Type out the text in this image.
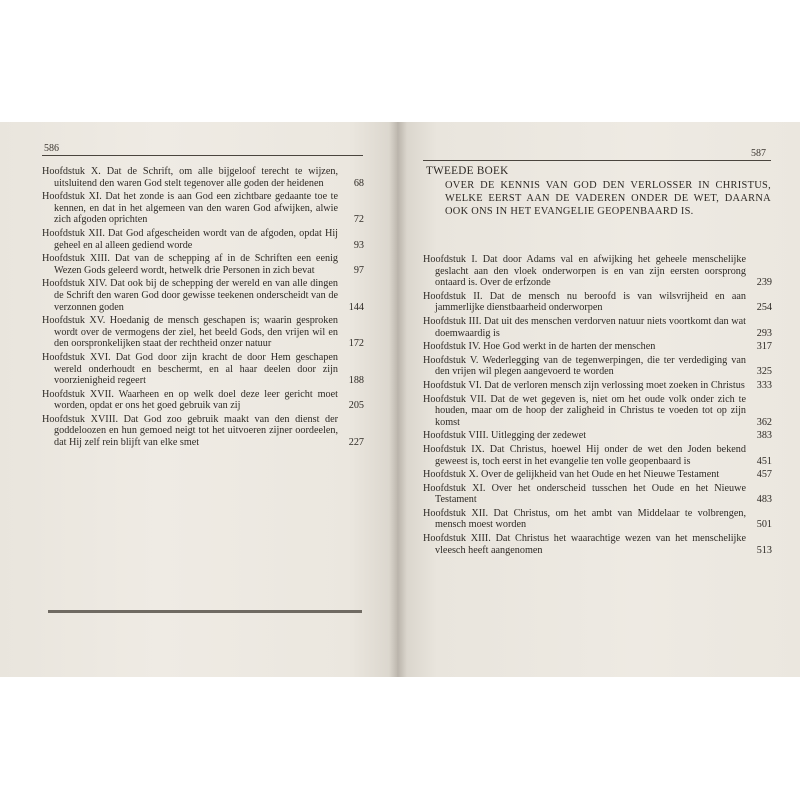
586
Hoofdstuk X. Dat de Schrift, om alle bijgeloof terecht te wijzen, uitsluitend den waren God stelt tegenover alle goden der heidenen	68
Hoofdstuk XI. Dat het zonde is aan God een zichtbare gedaante toe te kennen, en dat in het algemeen van den waren God afwijken, alwie zich afgoden oprichten	72
Hoofdstuk XII. Dat God afgescheiden wordt van de afgoden, opdat Hij geheel en al alleen gediend worde	93
Hoofdstuk XIII. Dat van de schepping af in de Schriften een eenig Wezen Gods geleerd wordt, hetwelk drie Personen in zich bevat	97
Hoofdstuk XIV. Dat ook bij de schepping der wereld en van alle dingen de Schrift den waren God door gewisse teekenen onderscheidt van de verzonnen goden	144
Hoofdstuk XV. Hoedanig de mensch geschapen is; waarin gesproken wordt over de vermogens der ziel, het beeld Gods, den vrijen wil en den oorspronkelijken staat der rechtheid onzer natuur	172
Hoofdstuk XVI. Dat God door zijn kracht de door Hem geschapen wereld onderhoudt en beschermt, en al haar deelen door zijn voorzienigheid regeert	188
Hoofdstuk XVII. Waarheen en op welk doel deze leer gericht moet worden, opdat er ons het goed gebruik van zij	205
Hoofdstuk XVIII. Dat God zoo gebruik maakt van den dienst der goddeloozen en hun gemoed neigt tot het uitvoeren zijner oordeelen, dat Hij zelf rein blijft van elke smet	227
587
TWEEDE BOEK
OVER DE KENNIS VAN GOD DEN VERLOSSER IN CHRISTUS, WELKE EERST AAN DE VADEREN ONDER DE WET, DAARNA OOK ONS IN HET EVANGELIE GEOPENBAARD IS.
Hoofdstuk I. Dat door Adams val en afwijking het geheele menschelijke geslacht aan den vloek onderworpen is en van zijn eersten oorsprong ontaard is. Over de erfzonde	239
Hoofdstuk II. Dat de mensch nu beroofd is van wilsvrijheid en aan jammerlijke dienstbaarheid onderworpen	254
Hoofdstuk III. Dat uit des menschen verdorven natuur niets voortkomt dan wat doemwaardig is	293
Hoofdstuk IV. Hoe God werkt in de harten der menschen	317
Hoofdstuk V. Wederlegging van de tegenwerpingen, die ter verdediging van den vrijen wil plegen aangevoerd te worden	325
Hoofdstuk VI. Dat de verloren mensch zijn verlossing moet zoeken in Christus	333
Hoofdstuk VII. Dat de wet gegeven is, niet om het oude volk onder zich te houden, maar om de hoop der zaligheid in Christus te voeden tot op zijn komst	362
Hoofdstuk VIII. Uitlegging der zedewet	383
Hoofdstuk IX. Dat Christus, hoewel Hij onder de wet den Joden bekend geweest is, toch eerst in het evangelie ten volle geopenbaard is	451
Hoofdstuk X. Over de gelijkheid van het Oude en het Nieuwe Testament	457
Hoofdstuk XI. Over het onderscheid tusschen het Oude en het Nieuwe Testament	483
Hoofdstuk XII. Dat Christus, om het ambt van Middelaar te volbrengen, mensch moest worden	501
Hoofdstuk XIII. Dat Christus het waarachtige wezen van het menschelijke vleesch heeft aangenomen	513
